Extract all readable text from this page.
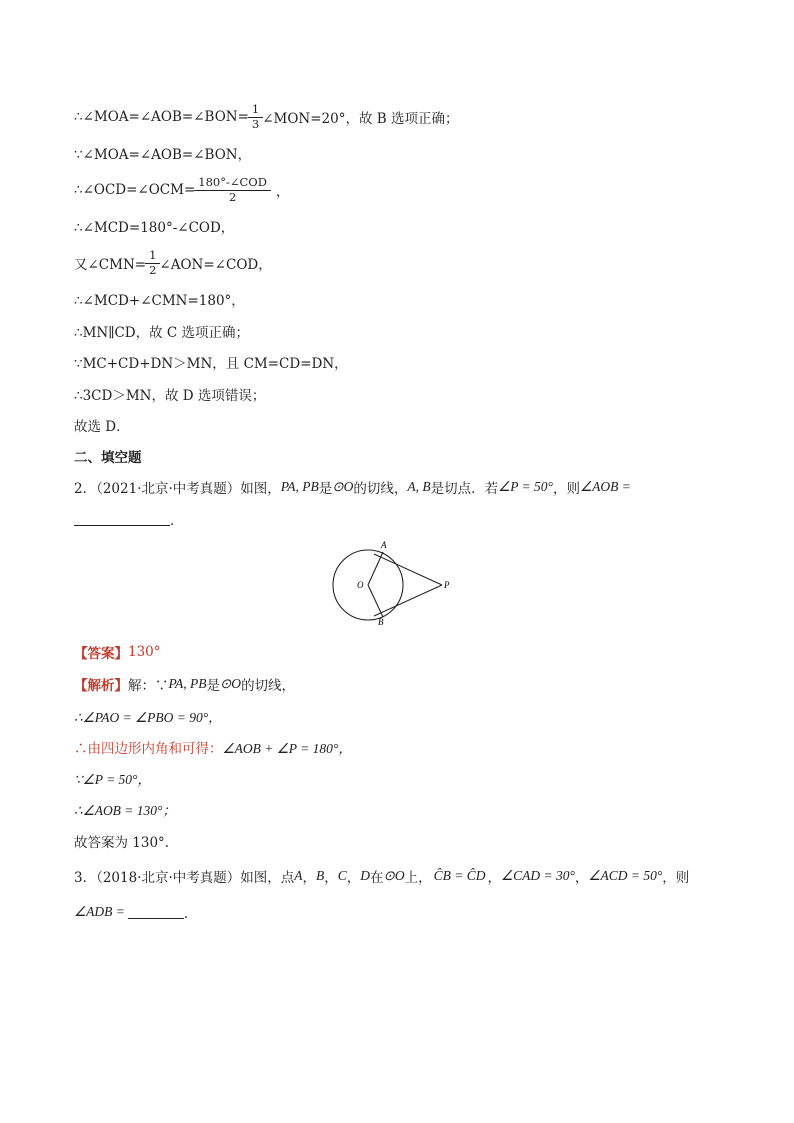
∴∠MOA=∠AOB=∠BON= $\frac{1}{3}$ ∠MON=20°，故 B 选项正确；
∵∠MOA=∠AOB=∠BON，
∴∠OCD=∠OCM= $\frac{\text{180°-∠COD}}{2}$ ，
∴∠MCD=180°-∠COD，
又∠CMN= $\frac{1}{2}$ ∠AON=∠COD，
∴∠MCD+∠CMN=180°，
∴MN∥CD，故 C 选项正确；
∵MC+CD+DN＞MN，且 CM=CD=DN，
∴3CD＞MN，故 D 选项错误；
故选 D．
二、填空题
2．（2021·北京·中考真题）如图， PA, PB 是 ⊙O 的切线， A, B 是切点．若 ∠P = 50° ，则 ∠AOB =
．
A
B
O	P
【答案】 130°
【解析】 解：∵ PA, PB 是 ⊙O 的切线，
∴∠PAO = ∠PBO = 90°，
∴由四边形内角和可得： ∠AOB + ∠P = 180°，
∵∠P = 50°，
∴∠AOB = 130°；
故答案为 130°.
3．（2018·北京·中考真题）如图，点 A ， B ， C ， D 在 ⊙O 上， ĈB = ĈD ， ∠CAD = 30° ， ∠ACD = 50° ，则
∠ADB =	．
